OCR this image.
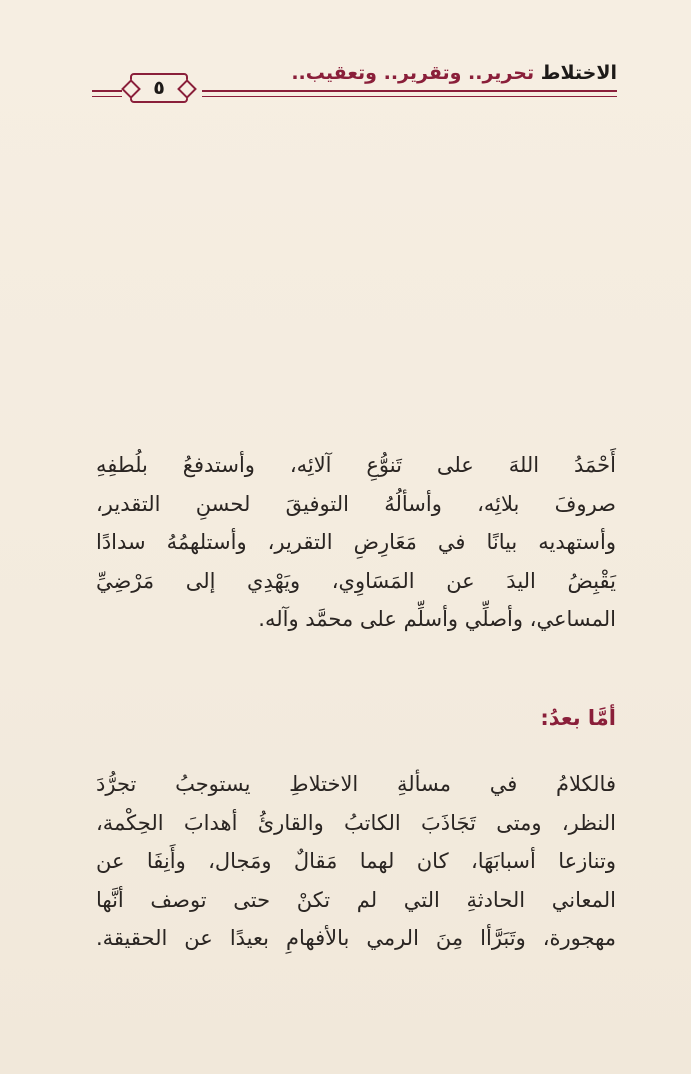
الاختلاط تحرير.. وتقرير.. وتعقيب..
٥
أَحْمَدُ اللهَ على تَنوُّعِ آلائِه، وأستدفعُ بلُطفِهِ
صروفَ بلائِه، وأسألُهُ التوفيقَ لحسنِ التقدير،
وأستهديه بيانًا في مَعَارِضِ التقرير، وأستلهمُهُ سدادًا
يَقْبِضُ اليدَ عن المَسَاوِي، ويَهْدِي إلى مَرْضِيِّ
المساعي، وأصلِّي وأسلِّم على محمَّد وآله.
أمَّا بعدُ:
فالكلامُ في مسألةِ الاختلاطِ يستوجبُ تجرُّدَ
النظر، ومتى تَجَاذَبَ الكاتبُ والقارئُ أهدابَ الحِكْمة،
وتنازعا أسبابَهَا، كان لهما مَقالٌ ومَجال، وأَنِفَا عن
المعاني الحادثةِ التي لم تكنْ حتى توصف أنَّها
مهجورة، وتَبَرَّأا مِنَ الرمي بالأفهامِ بعيدًا عن الحقيقة.
